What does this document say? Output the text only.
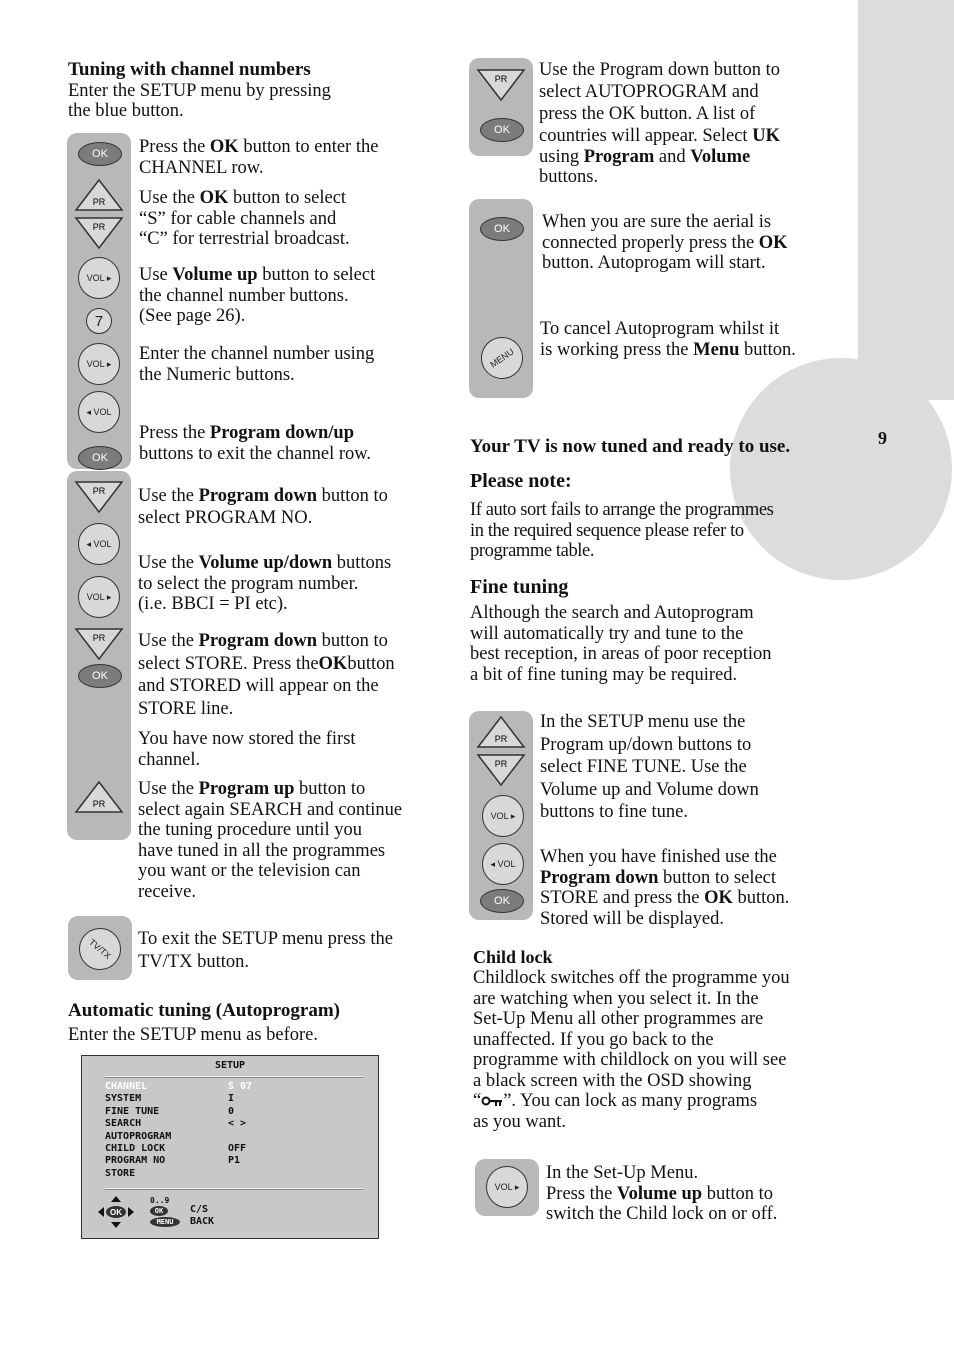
9
Tuning with channel numbers
Enter the SETUP menu by pressing
the blue button.
OK
PR
PR
VOL ▸
7
VOL ▸
◂ VOL
OK
Press the OK button to enter the
CHANNEL row.
Use the OK button to select
“S” for cable channels and
“C” for terrestrial broadcast.
Use Volume up button to select
the channel number buttons.
(See page 26).
Enter the channel number using
the Numeric buttons.
Press the Program down/up
buttons to exit the channel row.
PR
◂ VOL
VOL ▸
PR
OK
PR
Use the Program down button to
select PROGRAM NO.
Use the Volume up/down buttons
to select the program number.
(i.e. BBCI = PI etc).
Use the Program down button to
select STORE. Press theOKbutton
and STORED will appear on the
STORE line.
You have now stored the first
channel.
Use the Program up button to
select again SEARCH and continue
the tuning procedure until you
have tuned in all the programmes
you want or the television can
receive.
TV/TX	To exit the SETUP menu press the
TV/TX button.
Automatic tuning (Autoprogram)
Enter the SETUP menu as before.
SETUP
CHANNEL	S 07
SYSTEM	I
FINE TUNE	0
SEARCH	< >
AUTOPROGRAM
CHILD LOCK	OFF
PROGRAM NO	P1
STORE
OK
0..9
OK
MENU
C/S
BACK
PR
OK
Use the Program down button to
select AUTOPROGRAM and
press the OK button. A list of
countries will appear. Select UK
using Program and Volume
buttons.
OK
MENU
When you are sure the aerial is
connected properly press the OK
button. Autoprogam will start.
To cancel Autoprogram whilst it
is working press the Menu button.
Your TV is now tuned and ready to use.
Please note:
If auto sort fails to arrange the programmes
in the required sequence please refer to
programme table.
Fine tuning
Although the search and Autoprogram
will automatically try and tune to the
best reception, in areas of poor reception
a bit of fine tuning may be required.
PR
PR
VOL ▸
◂ VOL
OK
In the SETUP menu use the
Program up/down buttons to
select FINE TUNE. Use the
Volume up and Volume down
buttons to fine tune.
When you have finished use the
Program down button to select
STORE and press the OK button.
Stored will be displayed.
Child lock
Childlock switches off the programme you
are watching when you select it. In the
Set-Up Menu all other programmes are
unaffected. If you go back to the
programme with childlock on you will see
a black screen with the OSD showing
“ ”. You can lock as many programs
as you want.
VOL ▸
In the Set-Up Menu.
Press the Volume up button to
switch the Child lock on or off.
